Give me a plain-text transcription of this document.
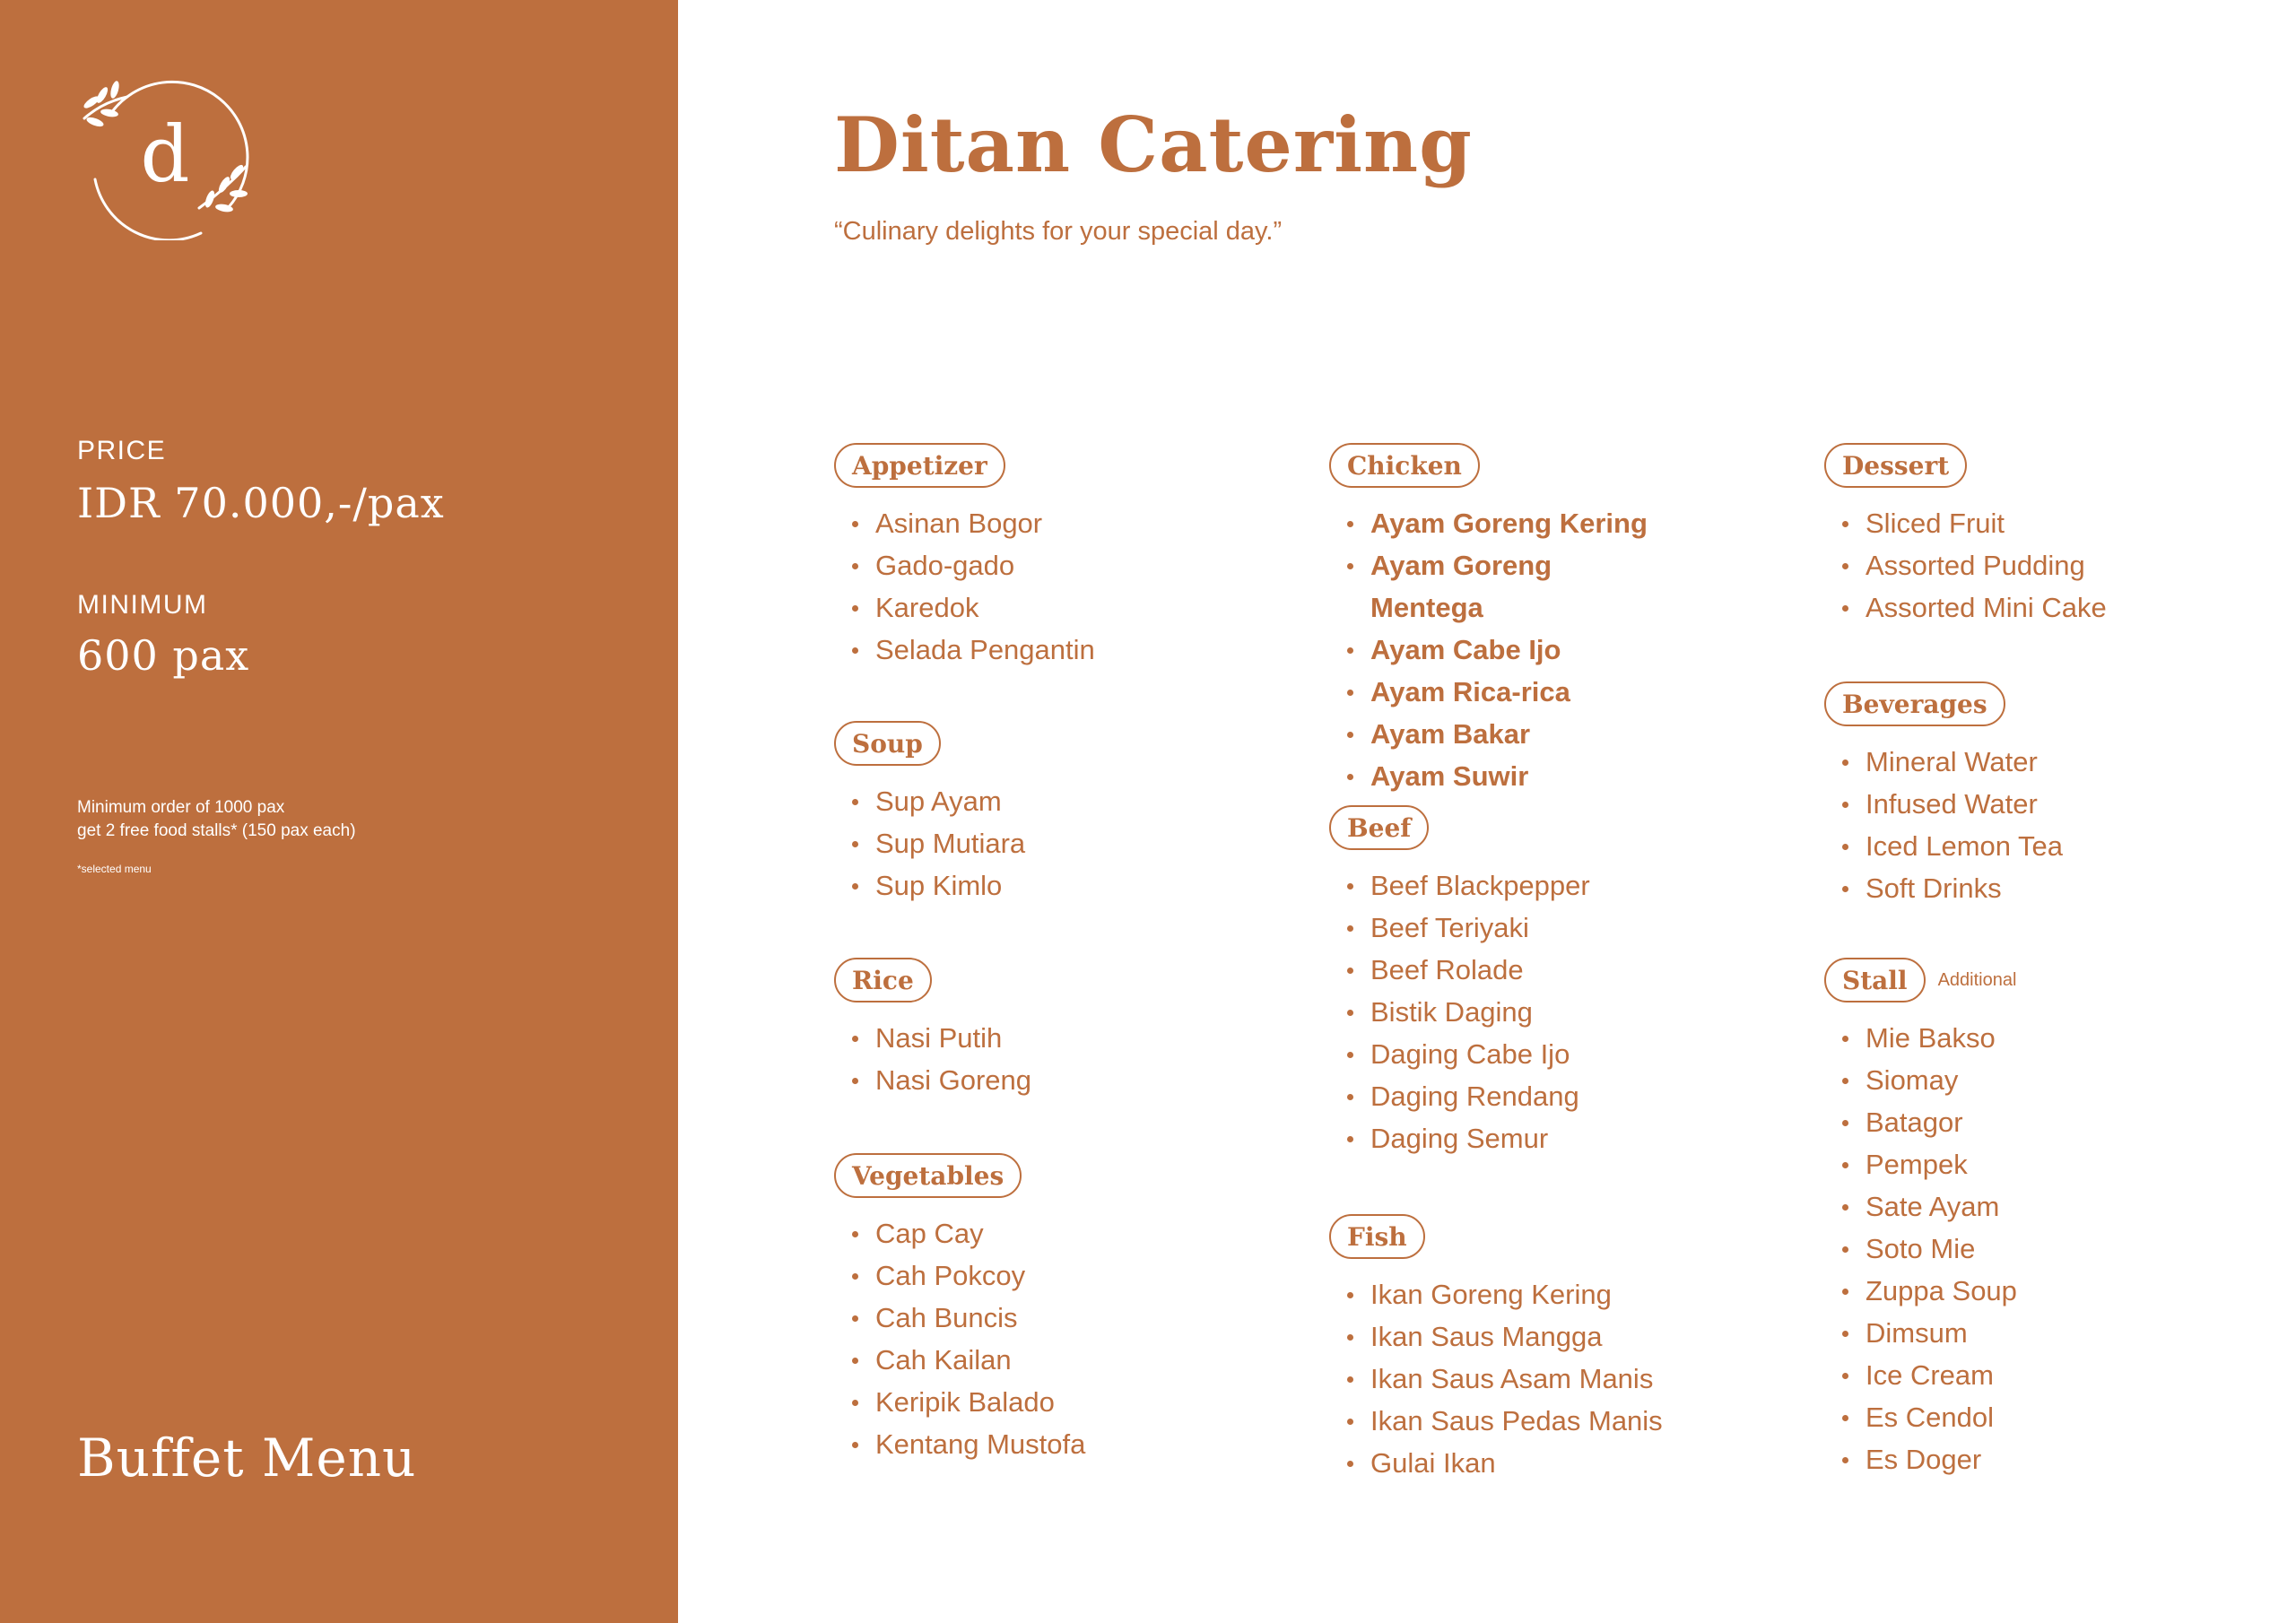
d
PRICE
IDR 70.000,-/pax
MINIMUM
600 pax
Minimum order of 1000 pax
get 2 free food stalls* (150 pax each)
*selected menu
Buffet Menu
Ditan Catering

“Culinary delights for your special day.”

Appetizer
Asinan Bogor
Gado-gado
Karedok
Selada Pengantin
Soup
Sup Ayam
Sup Mutiara
Sup Kimlo
Rice
Nasi Putih
Nasi Goreng
Vegetables
Cap Cay
Cah Pokcoy
Cah Buncis
Cah Kailan
Keripik Balado
Kentang Mustofa
Chicken
Ayam Goreng Kering
Ayam Goreng
Mentega
Ayam Cabe Ijo
Ayam Rica-rica
Ayam Bakar
Ayam Suwir
Beef
Beef Blackpepper
Beef Teriyaki
Beef Rolade
Bistik Daging
Daging Cabe Ijo
Daging Rendang
Daging Semur
Fish
Ikan Goreng Kering
Ikan Saus Mangga
Ikan Saus Asam Manis
Ikan Saus Pedas Manis
Gulai Ikan
Dessert
Sliced Fruit
Assorted Pudding
Assorted Mini Cake
Beverages
Mineral Water
Infused Water
Iced Lemon Tea
Soft Drinks
Stall	Additional
Mie Bakso
Siomay
Batagor
Pempek
Sate Ayam
Soto Mie
Zuppa Soup
Dimsum
Ice Cream
Es Cendol
Es Doger
